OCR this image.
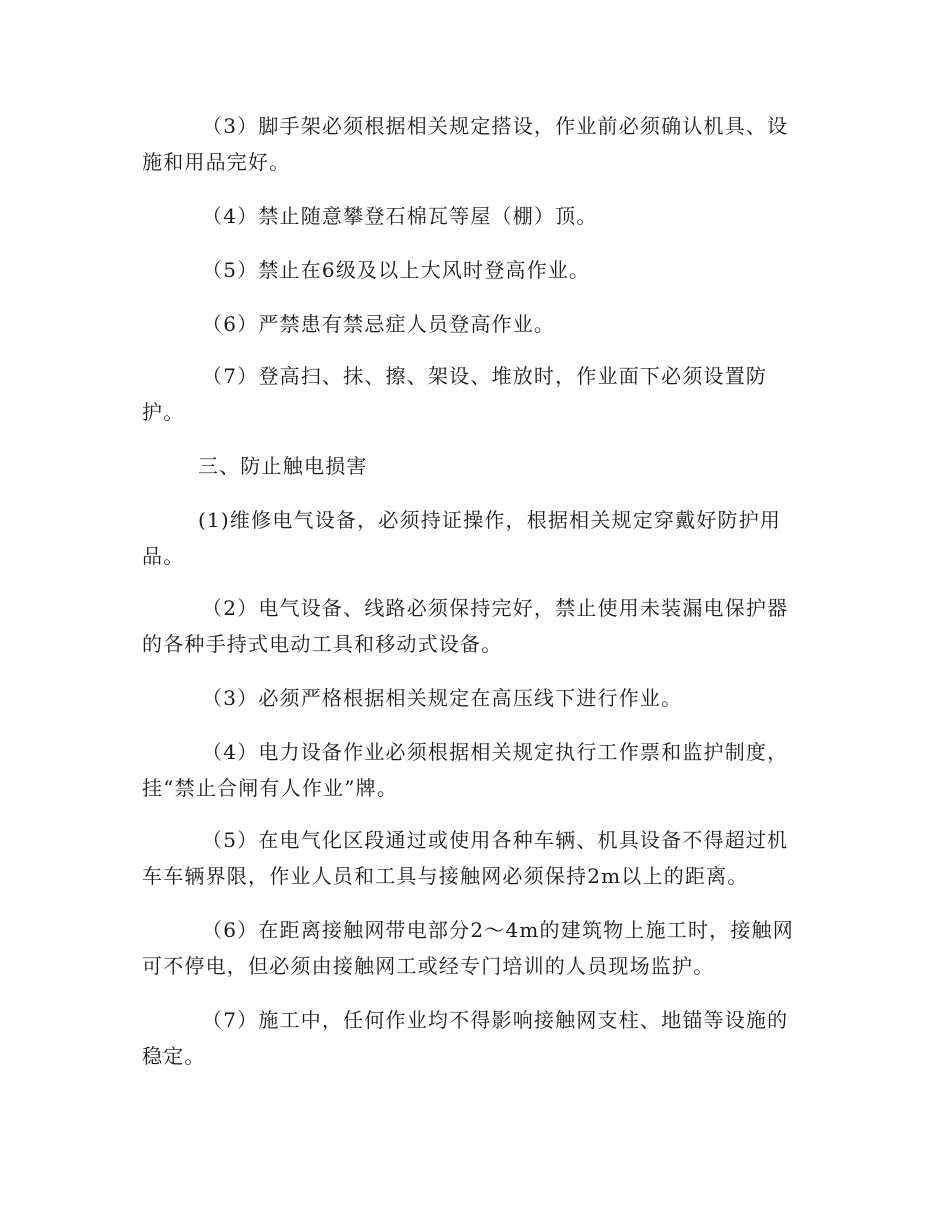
（3）脚手架必须根据相关规定搭设，作业前必须确认机具、设施和用品完好。

（4）禁止随意攀登石棉瓦等屋（棚）顶。

（5）禁止在6级及以上大风时登高作业。

（6）严禁患有禁忌症人员登高作业。

（7）登高扫、抹、擦、架设、堆放时，作业面下必须设置防护。

三、防止触电损害

(1)维修电气设备，必须持证操作，根据相关规定穿戴好防护用品。

（2）电气设备、线路必须保持完好，禁止使用未装漏电保护器的各种手持式电动工具和移动式设备。

（3）必须严格根据相关规定在高压线下进行作业。

（4）电力设备作业必须根据相关规定执行工作票和监护制度，挂“禁止合闸有人作业”牌。

（5）在电气化区段通过或使用各种车辆、机具设备不得超过机车车辆界限，作业人员和工具与接触网必须保持2m以上的距离。

（6）在距离接触网带电部分2～4m的建筑物上施工时，接触网可不停电，但必须由接触网工或经专门培训的人员现场监护。

（7）施工中，任何作业均不得影响接触网支柱、地锚等设施的稳定。
